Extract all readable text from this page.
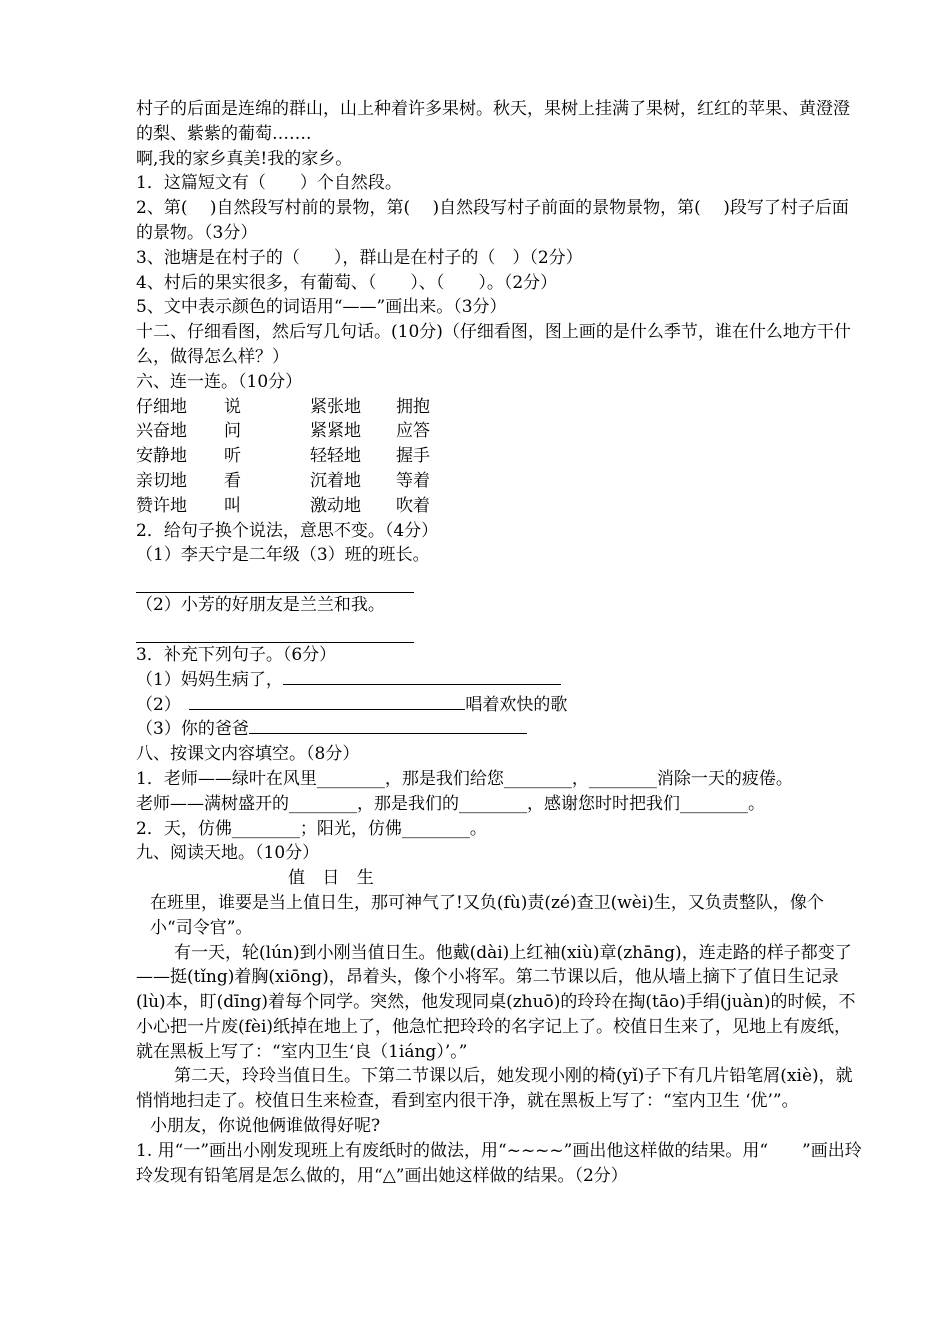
村子的后面是连绵的群山，山上种着许多果树。秋天，果树上挂满了果树，红红的苹果、黄澄澄的梨、紫紫的葡萄…….

啊,我的家乡真美!我的家乡。

1．这篇短文有（　　）个自然段。

2、第(　 )自然段写村前的景物，第(　 )自然段写村子前面的景物景物，第(　 )段写了村子后面的景物。（3分）

3、池塘是在村子的（　　），群山是在村子的（　）（2分）

4、村后的果实很多，有葡萄、（　　）、（　　）。（2分）

5、文中表示颜色的词语用“——”画出来。（3分）

十二、仔细看图，然后写几句话。(10分)（仔细看图，图上画的是什么季节，谁在什么地方干什么，做得怎么样？）

六、连一连。（10分）

仔细地	说	紧张地	拥抱
兴奋地	问	紧紧地	应答
安静地	听	轻轻地	握手
亲切地	看	沉着地	等着
赞许地	叫	激动地	吹着

2．给句子换个说法，意思不变。（4分）

（1）李天宁是二年级（3）班的班长。

（2）小芳的好朋友是兰兰和我。

3．补充下列句子。（6分）

（1）妈妈生病了，

（2） 	唱着欢快的歌

（3）你的爸爸

八、按课文内容填空。（8分）

1．老师——绿叶在风里________，那是我们给您________，________消除一天的疲倦。

老师——满树盛开的________，那是我们的________，感谢您时时把我们________。

2．天，仿佛________；阳光，仿佛________。

九、阅读天地。（10分）

值 日 生

在班里，谁要是当上值日生，那可神气了!又负(fù)责(zé)查卫(wèi)生，又负责整队，像个小“司令官”。

有一天，轮(lún)到小刚当值日生。他戴(dài)上红袖(xiù)章(zhāng)，连走路的样子都变了——挺(tǐng)着胸(xiōng)，昂着头，像个小将军。第二节课以后，他从墙上摘下了值日生记录(lù)本，盯(dīng)着每个同学。突然，他发现同桌(zhuō)的玲玲在掏(tāo)手绢(juàn)的时候，不小心把一片废(fèi)纸掉在地上了，他急忙把玲玲的名字记上了。校值日生来了，见地上有废纸，就在黑板上写了：“室内卫生‘良（1iáng）’。”

第二天，玲玲当值日生。下第二节课以后，她发现小刚的椅(yǐ)子下有几片铅笔屑(xiè)，就悄悄地扫走了。校值日生来检查，看到室内很干净，就在黑板上写了：“室内卫生 ‘优’”。

小朋友，你说他俩谁做得好呢?

1. 用“一”画出小刚发现班上有废纸时的做法，用“~~~~”画出他这样做的结果。用“　　”画出玲玲发现有铅笔屑是怎么做的，用“△”画出她这样做的结果。（2分）
